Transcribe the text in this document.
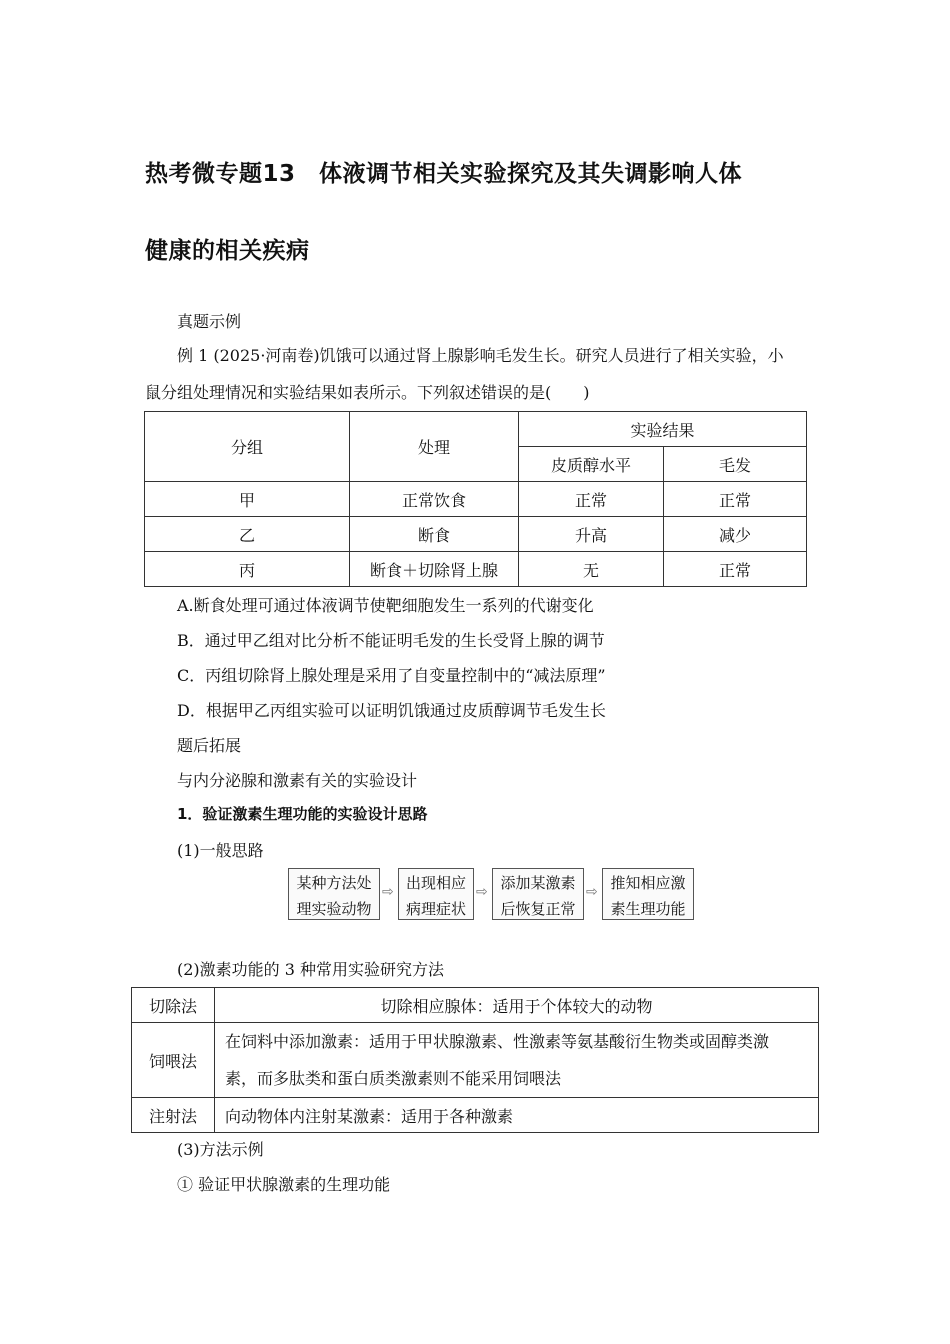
热考微专题13　体液调节相关实验探究及其失调影响人体
健康的相关疾病
真题示例
例 1 (2025·河南卷)饥饿可以通过肾上腺影响毛发生长。研究人员进行了相关实验，小
鼠分组处理情况和实验结果如表所示。下列叙述错误的是(　　)
分组	处理	实验结果	
		皮质醇水平	毛发
甲	正常饮食	正常	正常
乙	断食	升高	减少
丙	断食＋切除肾上腺	无	正常
A.断食处理可通过体液调节使靶细胞发生一系列的代谢变化
B．通过甲乙组对比分析不能证明毛发的生长受肾上腺的调节
C．丙组切除肾上腺处理是采用了自变量控制中的“减法原理”
D．根据甲乙丙组实验可以证明饥饿通过皮质醇调节毛发生长
题后拓展
与内分泌腺和激素有关的实验设计
1．验证激素生理功能的实验设计思路
(1)一般思路
某种方法处
理实验动物
⇨ 出现相应
病理症状
⇨ 添加某激素
后恢复正常
⇨ 推知相应激
素生理功能
(2)激素功能的 3 种常用实验研究方法
切除法	切除相应腺体：适用于个体较大的动物
饲喂法	在饲料中添加激素：适用于甲状腺激素、性激素等氨基酸衍生物类或固醇类激
素，而多肽类和蛋白质类激素则不能采用饲喂法

注射法	向动物体内注射某激素：适用于各种激素
(3)方法示例
① 验证甲状腺激素的生理功能
